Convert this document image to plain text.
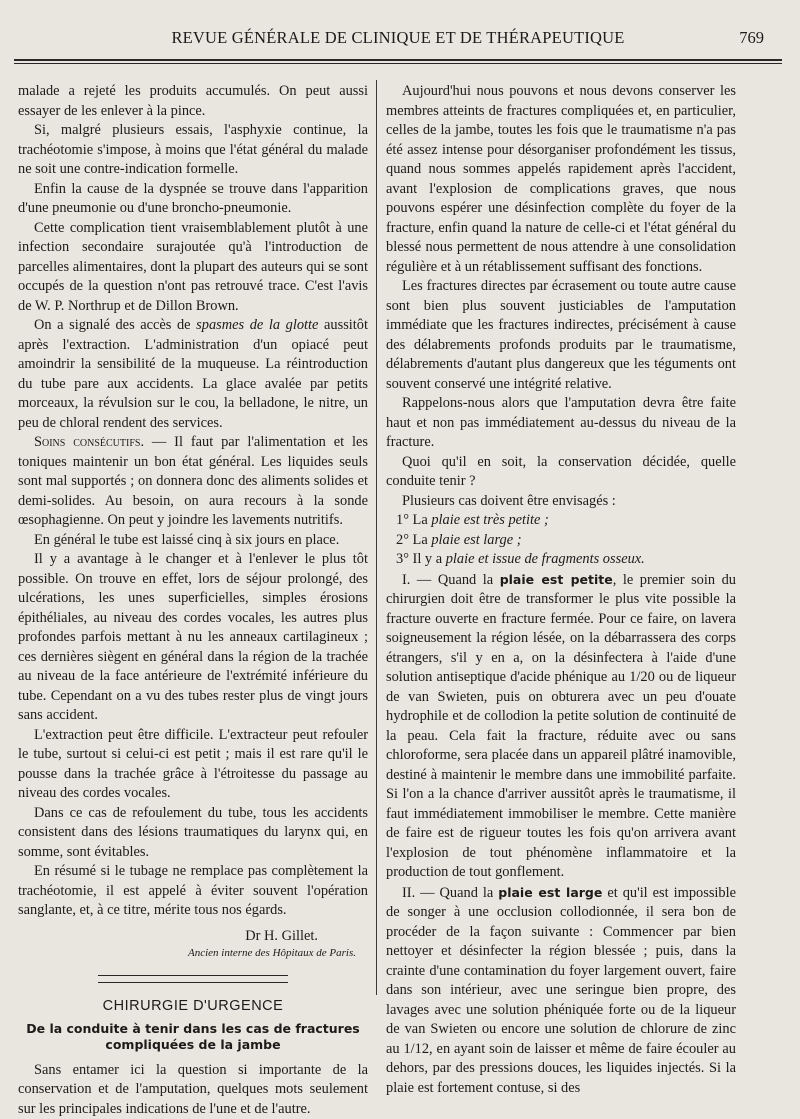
REVUE GÉNÉRALE DE CLINIQUE ET DE THÉRAPEUTIQUE	769

malade a rejeté les produits accumulés. On peut aussi essayer de les enlever à la pince.

Si, malgré plusieurs essais, l'asphyxie continue, la trachéotomie s'impose, à moins que l'état général du malade ne soit une contre-indication formelle.

Enfin la cause de la dyspnée se trouve dans l'apparition d'une pneumonie ou d'une broncho-pneumonie.

Cette complication tient vraisemblablement plutôt à une infection secondaire surajoutée qu'à l'introduction de parcelles alimentaires, dont la plupart des auteurs qui se sont occupés de la question n'ont pas retrouvé trace. C'est l'avis de W. P. Northrup et de Dillon Brown.

On a signalé des accès de spasmes de la glotte aussitôt après l'extraction. L'administration d'un opiacé peut amoindrir la sensibilité de la muqueuse. La réintroduction du tube pare aux accidents. La glace avalée par petits morceaux, la révulsion sur le cou, la belladone, le nitre, un peu de chloral rendent des services.

Soins consécutifs. — Il faut par l'alimentation et les toniques maintenir un bon état général. Les liquides seuls sont mal supportés ; on donnera donc des aliments solides et demi-solides. Au besoin, on aura recours à la sonde œsophagienne. On peut y joindre les lavements nutritifs.

En général le tube est laissé cinq à six jours en place.

Il y a avantage à le changer et à l'enlever le plus tôt possible. On trouve en effet, lors de séjour prolongé, des ulcérations, les unes superficielles, simples érosions épithéliales, au niveau des cordes vocales, les autres plus profondes parfois mettant à nu les anneaux cartilagineux ; ces dernières siègent en général dans la région de la trachée au niveau de la face antérieure de l'extrémité inférieure du tube. Cependant on a vu des tubes rester plus de vingt jours sans accident.

L'extraction peut être difficile. L'extracteur peut refouler le tube, surtout si celui-ci est petit ; mais il est rare qu'il le pousse dans la trachée grâce à l'étroitesse du passage au niveau des cordes vocales.

Dans ce cas de refoulement du tube, tous les accidents consistent dans des lésions traumatiques du larynx qui, en somme, sont évitables.

En résumé si le tubage ne remplace pas complètement la trachéotomie, il est appelé à éviter souvent l'opération sanglante, et, à ce titre, mérite tous nos égards.

Dr H. Gillet.
Ancien interne des Hôpitaux de Paris.
CHIRURGIE D'URGENCE
De la conduite à tenir dans les cas de fractures compliquées de la jambe

Sans entamer ici la question si importante de la conservation et de l'amputation, quelques mots seulement sur les principales indications de l'une et de l'autre.

Aujourd'hui nous pouvons et nous devons conserver les membres atteints de fractures compliquées et, en particulier, celles de la jambe, toutes les fois que le traumatisme n'a pas été assez intense pour désorganiser profondément les tissus, quand nous sommes appelés rapidement après l'accident, avant l'explosion de complications graves, que nous pouvons espérer une désinfection complète du foyer de la fracture, enfin quand la nature de celle-ci et l'état général du blessé nous permettent de nous attendre à une consolidation régulière et à un rétablissement suffisant des fonctions.

Les fractures directes par écrasement ou toute autre cause sont bien plus souvent justiciables de l'amputation immédiate que les fractures indirectes, précisément à cause des délabrements profonds produits par le traumatisme, délabrements d'autant plus dangereux que les téguments ont souvent conservé une intégrité relative.

Rappelons-nous alors que l'amputation devra être faite haut et non pas immédiatement au-dessus du niveau de la fracture.

Quoi qu'il en soit, la conservation décidée, quelle conduite tenir ?

Plusieurs cas doivent être envisagés :

1° La plaie est très petite ;
2° La plaie est large ;
3° Il y a plaie et issue de fragments osseux.

I. — Quand la plaie est petite, le premier soin du chirurgien doit être de transformer le plus vite possible la fracture ouverte en fracture fermée. Pour ce faire, on lavera soigneusement la région lésée, on la débarrassera des corps étrangers, s'il y en a, on la désinfectera à l'aide d'une solution antiseptique d'acide phénique au 1/20 ou de liqueur de van Swieten, puis on obturera avec un peu d'ouate hydrophile et de collodion la petite solution de continuité de la peau. Cela fait la fracture, réduite avec ou sans chloroforme, sera placée dans un appareil plâtré inamovible, destiné à maintenir le membre dans une immobilité parfaite. Si l'on a la chance d'arriver aussitôt après le traumatisme, il faut immédiatement immobiliser le membre. Cette manière de faire est de rigueur toutes les fois qu'on arrivera avant l'explosion de tout phénomène inflammatoire et la production de tout gonflement.

II. — Quand la plaie est large et qu'il est impossible de songer à une occlusion collodionnée, il sera bon de procéder de la façon suivante : Commencer par bien nettoyer et désinfecter la région blessée ; puis, dans la crainte d'une contamination du foyer largement ouvert, faire dans son intérieur, avec une seringue bien propre, des lavages avec une solution phéniquée forte ou de la liqueur de van Swieten ou encore une solution de chlorure de zinc au 1/12, en ayant soin de laisser et même de faire écouler au dehors, par des pressions douces, les liquides injectés. Si la plaie est fortement contuse, si des
